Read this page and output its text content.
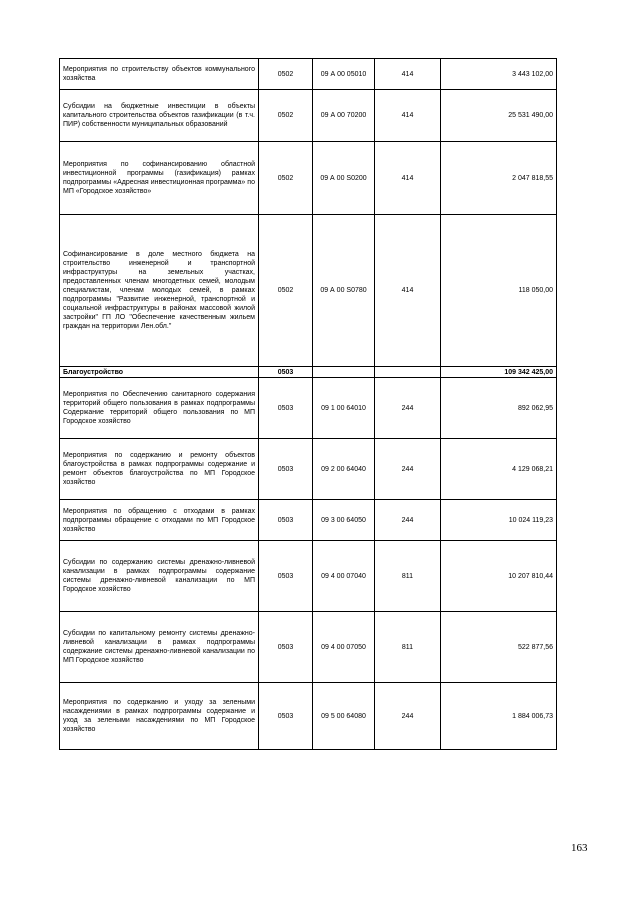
Мероприятия по строительству объектов коммунального хозяйства	0502	09 А 00 05010	414	3 443 102,00
Субсидии на бюджетные инвестиции в объекты капитального строительства объектов газификации (в т.ч. ПИР) собственности муниципальных образований	0502	09 А 00 70200	414	25 531 490,00
Мероприятия по софинансированию областной инвестиционной программы (газификация) рамках подпрограммы «Адресная инвестиционная программа» по МП «Городское хозяйство»	0502	09 А 00 S0200	414	2 047 818,55
Софинансирование в доле местного бюджета на строительство инженерной и транспортной инфраструктуры на земельных участках, предоставленных членам многодетных семей, молодым специалистам, членам молодых семей, в рамках подпрограммы "Развитие инженерной, транспортной и социальной инфраструктуры в районах массовой жилой застройки" ГП ЛО "Обеспечение качественным жильем граждан на территории Лен.обл."	0502	09 А 00 S0780	414	118 050,00
Благоустройство	0503			109 342 425,00
Мероприятия по Обеспечению санитарного содержания территорий общего пользования в рамках подпрограммы Содержание территорий общего пользования по МП Городское хозяйство	0503	09 1 00 64010	244	892 062,95
Мероприятия по содержанию и ремонту объектов благоустройства в рамках подпрограммы содержание и ремонт объектов благоустройства по МП Городское хозяйство	0503	09 2 00 64040	244	4 129 068,21
Мероприятия по обращению с отходами в рамках подпрограммы обращение с отходами по МП Городское хозяйство	0503	09 3 00 64050	244	10 024 119,23
Субсидии по содержанию системы дренажно-ливневой канализации в рамках подпрограммы содержание системы дренажно-ливневой канализации по МП Городское хозяйство	0503	09 4 00 07040	811	10 207 810,44
Субсидии по капитальному ремонту системы дренажно-ливневой канализации в рамках подпрограммы содержание системы дренажно-ливневой канализации по МП Городское хозяйство	0503	09 4 00 07050	811	522 877,56
Мероприятия по содержанию и уходу за зелеными насаждениями в рамках подпрограммы содержание и уход за зелеными насаждениями по МП Городское хозяйство	0503	09 5 00 64080	244	1 884 006,73
163
